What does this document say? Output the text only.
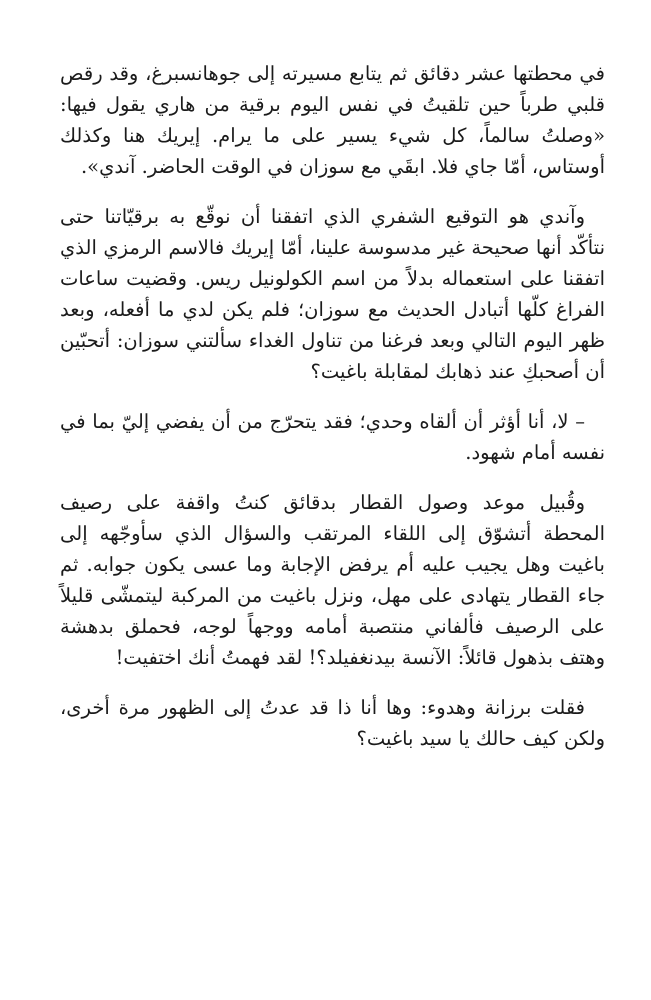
في محطتها عشر دقائق ثم يتابع مسيرته إلى جوهانسبرغ، وقد رقص قلبي طرباً حين تلقيتُ في نفس اليوم برقية من هاري يقول فيها: «وصلتُ سالماً، كل شيء يسير على ما يرام. إيريك هنا وكذلك أوستاس، أمّا جاي فلا. ابقَي مع سوزان في الوقت الحاضر. آندي».

وآندي هو التوقيع الشفري الذي اتفقنا أن نوقّع به برقيّاتنا حتى نتأكّد أنها صحيحة غير مدسوسة علينا، أمّا إيريك فالاسم الرمزي الذي اتفقنا على استعماله بدلاً من اسم الكولونيل ريس. وقضيت ساعات الفراغ كلّها أتبادل الحديث مع سوزان؛ فلم يكن لدي ما أفعله، وبعد ظهر اليوم التالي وبعد فرغنا من تناول الغداء سألتني سوزان: أتحبّين أن أصحبكِ عند ذهابك لمقابلة باغيت؟

– لا، أنا أؤثر أن ألقاه وحدي؛ فقد يتحرّج من أن يفضي إليّ بما في نفسه أمام شهود.

وقُبيل موعد وصول القطار بدقائق كنتُ واقفة على رصيف المحطة أتشوّق إلى اللقاء المرتقب والسؤال الذي سأوجّهه إلى باغيت وهل يجيب عليه أم يرفض الإجابة وما عسى يكون جوابه. ثم جاء القطار يتهادى على مهل، ونزل باغيت من المركبة ليتمشّى قليلاً على الرصيف فألفاني منتصبة أمامه ووجهاً لوجه، فحملق بدهشة وهتف بذهول قائلاً: الآنسة بيدنغفيلد؟! لقد فهمتُ أنك اختفيت!

فقلت برزانة وهدوء: وها أنا ذا قد عدتُ إلى الظهور مرة أخرى، ولكن كيف حالك يا سيد باغيت؟
